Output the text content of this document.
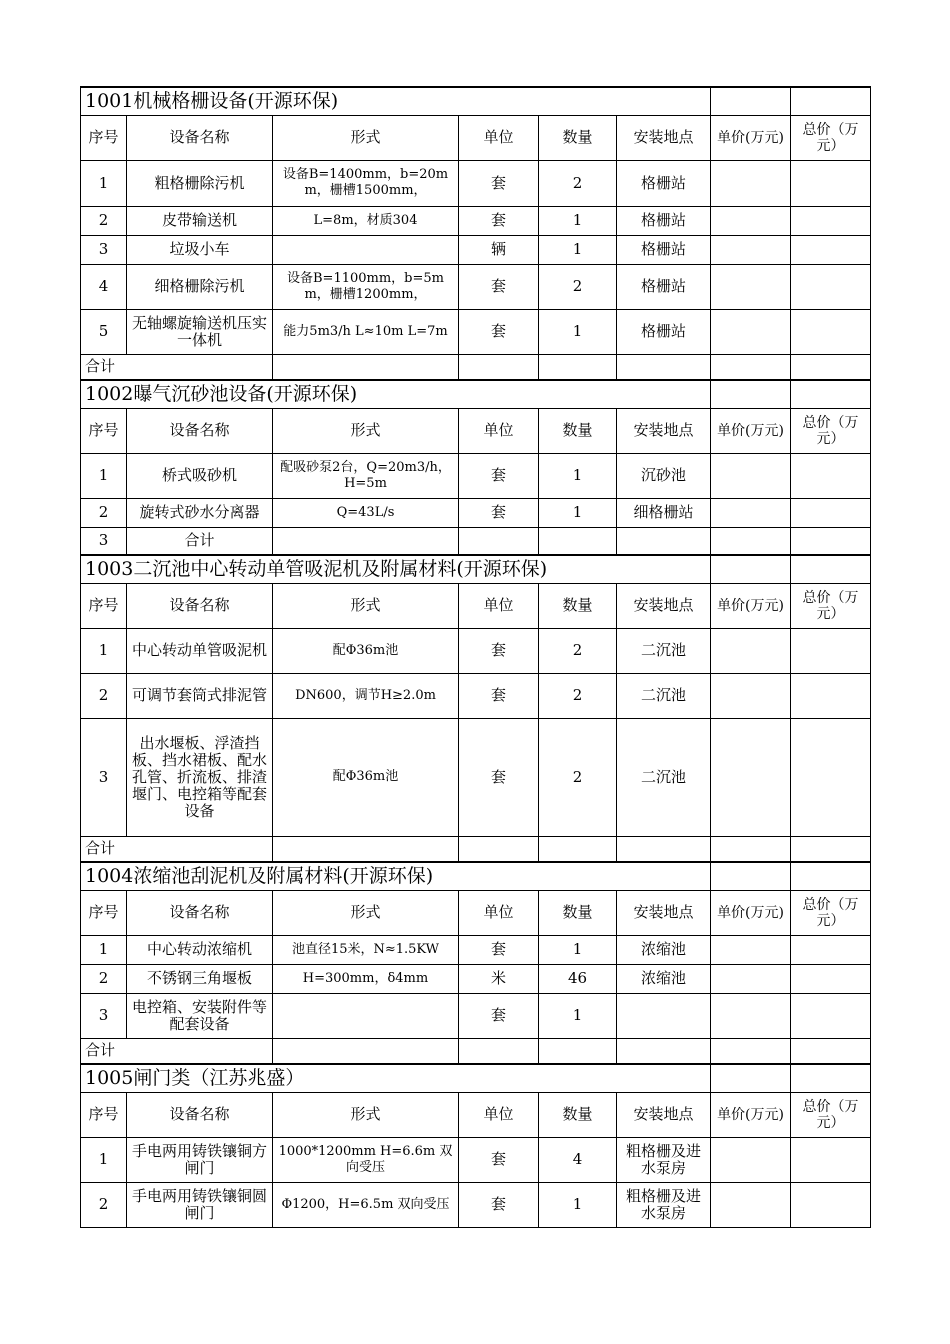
1001机械格栅设备(开源环保)							
序号	设备名称	形式	单位	数量	安装地点	单价(万元)	总价（万元）
1	粗格栅除污机	设备B=1400mm，b=20mm，栅槽1500mm，	套	2	格栅站		
2	皮带输送机	L=8m，材质304	套	1	格栅站		
3	垃圾小车		辆	1	格栅站		
4	细格栅除污机	设备B=1100mm，b=5mm，栅槽1200mm，	套	2	格栅站		
5	无轴螺旋输送机压实一体机	能力5m3/h L≈10m L=7m	套	1	格栅站		
合计							
1002曝气沉砂池设备(开源环保)							
序号	设备名称	形式	单位	数量	安装地点	单价(万元)	总价（万元）
1	桥式吸砂机	配吸砂泵2台，Q=20m3/h，H=5m	套	1	沉砂池		
2	旋转式砂水分离器	Q=43L/s	套	1	细格栅站		
3	合计						
1003二沉池中心转动单管吸泥机及附属材料(开源环保)							
序号	设备名称	形式	单位	数量	安装地点	单价(万元)	总价（万元）
1	中心转动单管吸泥机	配Φ36m池	套	2	二沉池		
2	可调节套筒式排泥管	DN600，调节H≥2.0m	套	2	二沉池		
3	出水堰板、浮渣挡板、挡水裙板、配水孔管、折流板、排渣堰门、电控箱等配套设备	配Φ36m池	套	2	二沉池		
合计							
1004浓缩池刮泥机及附属材料(开源环保)							
序号	设备名称	形式	单位	数量	安装地点	单价(万元)	总价（万元）
1	中心转动浓缩机	池直径15米，N≈1.5KW	套	1	浓缩池		
2	不锈钢三角堰板	H=300mm，δ4mm	米	46	浓缩池		
3	电控箱、安装附件等配套设备		套	1			
合计							
1005闸门类（江苏兆盛）							
序号	设备名称	形式	单位	数量	安装地点	单价(万元)	总价（万元）
1	手电两用铸铁镶铜方闸门	1000*1200mm H=6.6m 双向受压	套	4	粗格栅及进水泵房		
2	手电两用铸铁镶铜圆闸门	Φ1200，H=6.5m 双向受压	套	1	粗格栅及进水泵房		
